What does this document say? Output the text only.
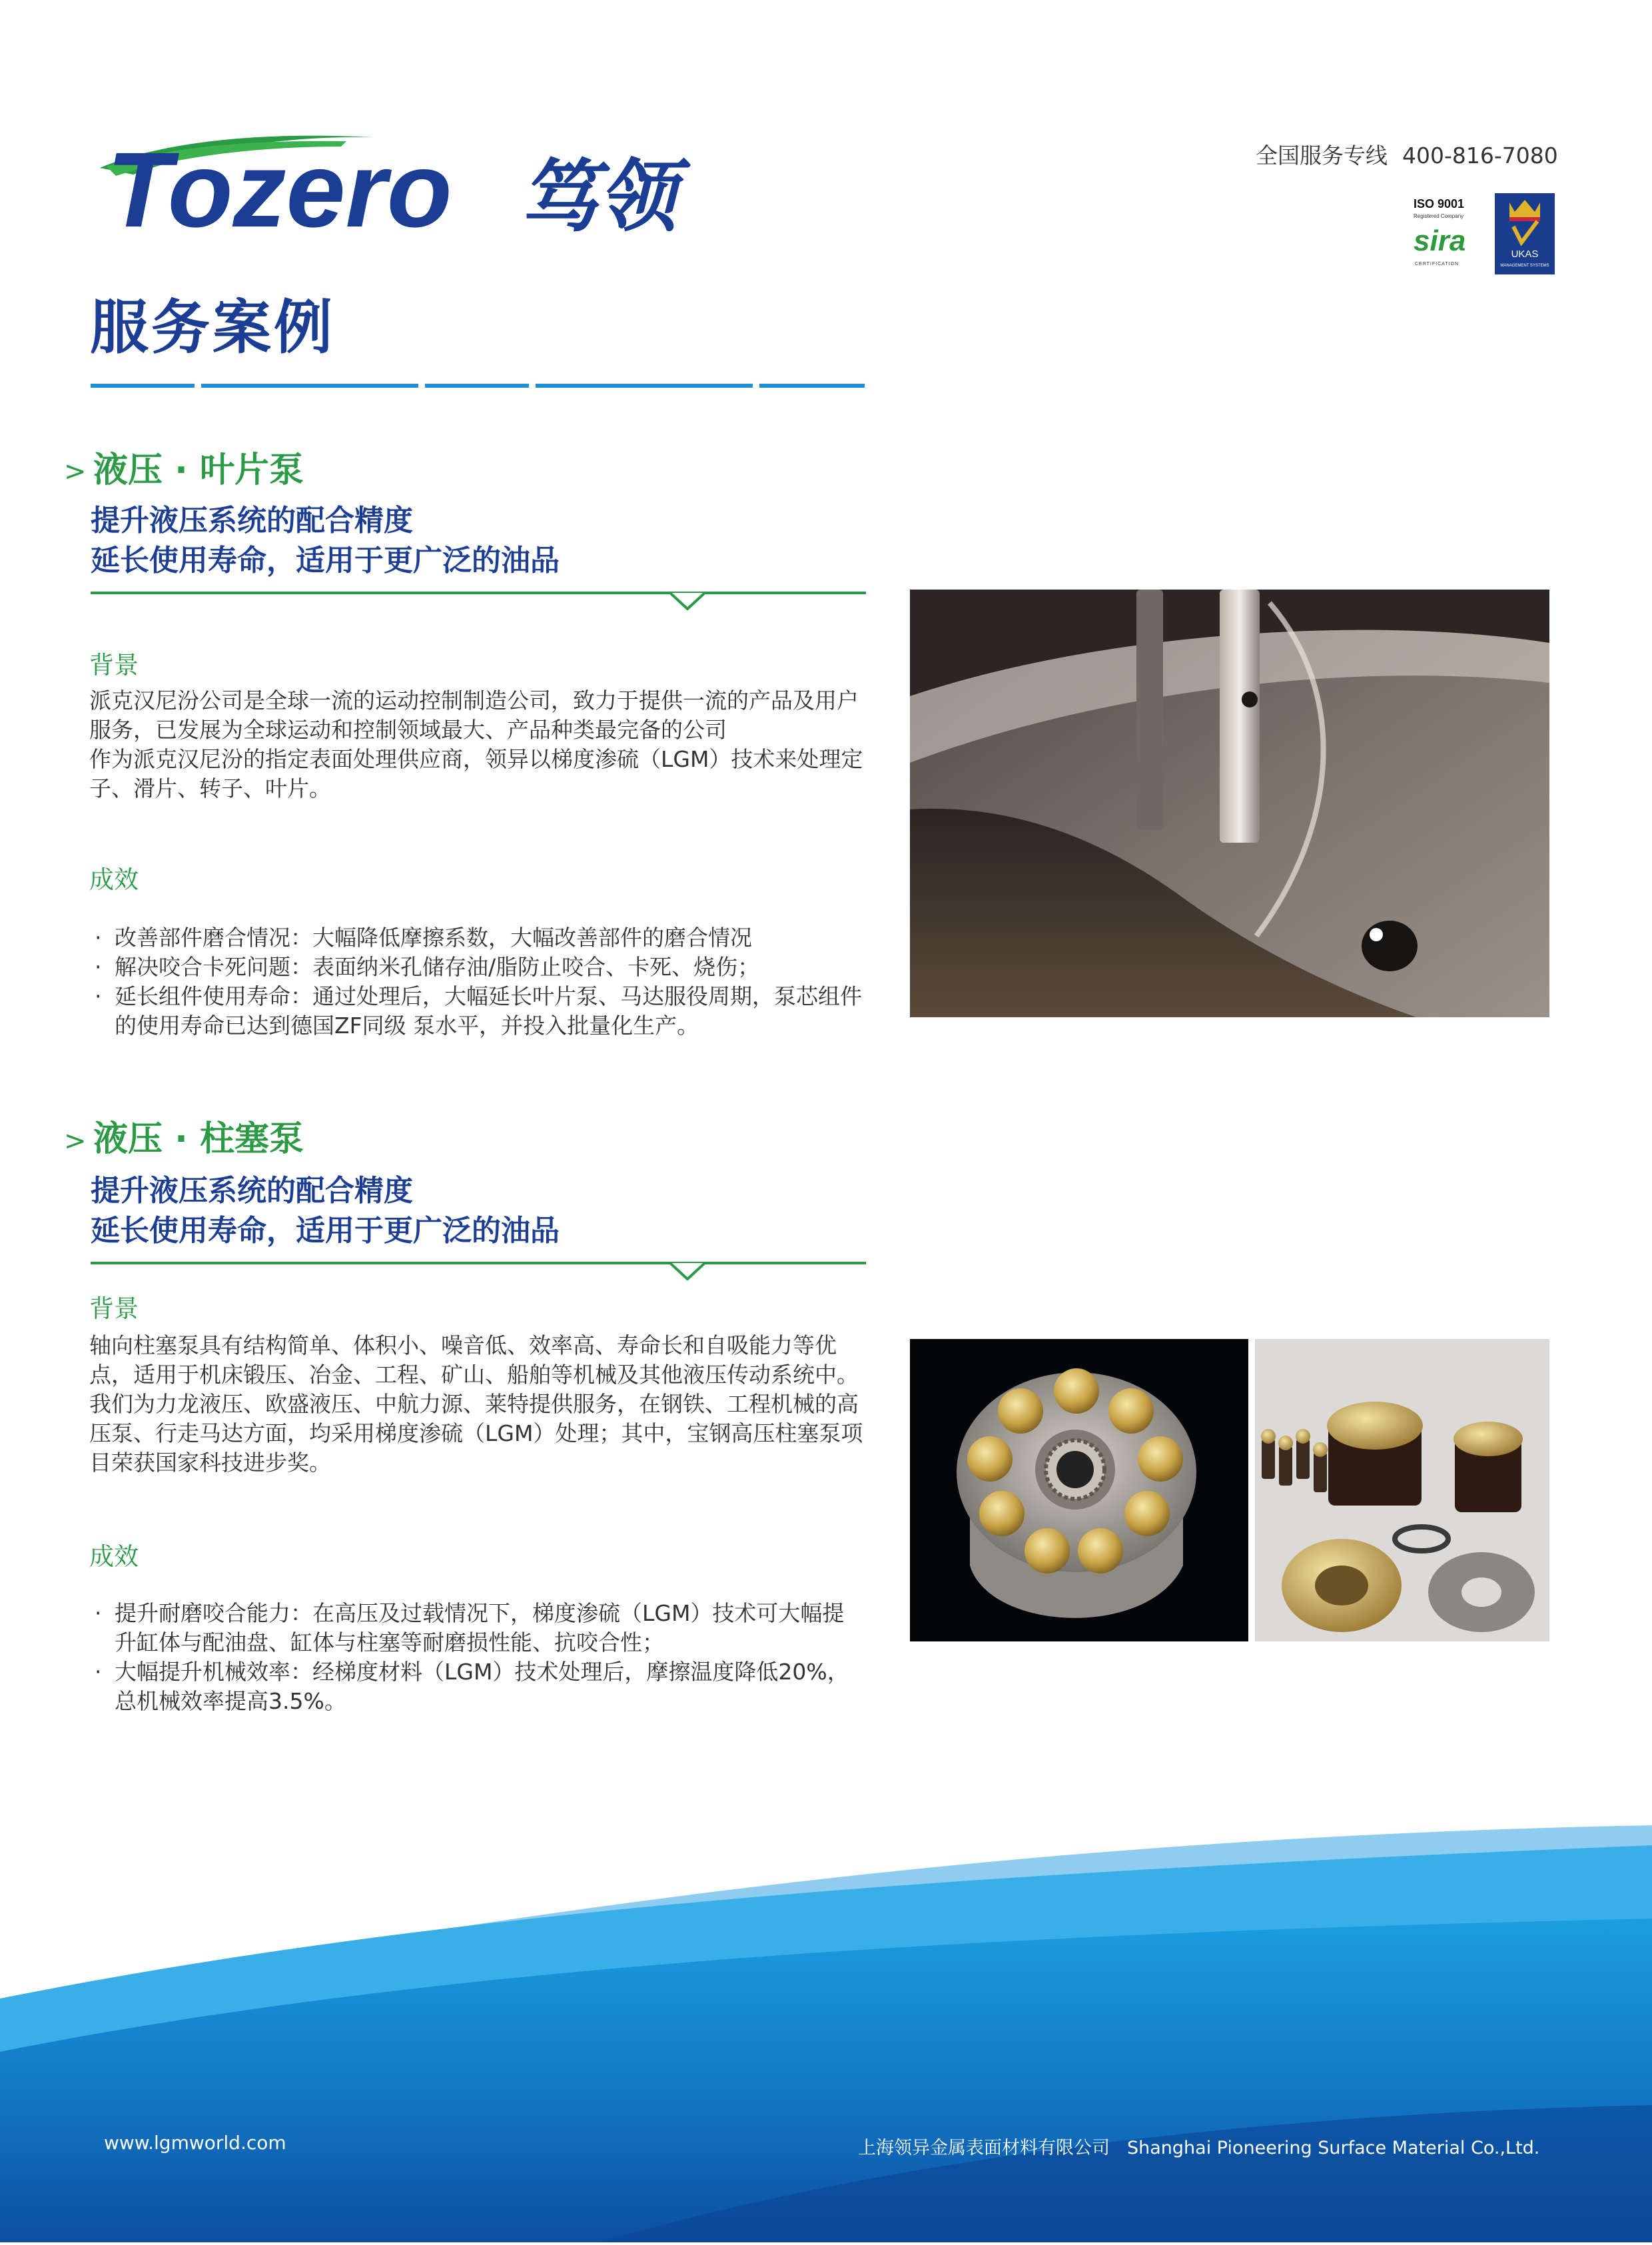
Tozero 笃领	全国服务专线 400-816-7080
ISO 9001
Registered Company
sira
CERTIFICATION
UKAS
MANAGEMENT SYSTEMS
服务案例
> 液压 · 叶片泵
提升液压系统的配合精度
延长使用寿命，适用于更广泛的油品
背景

派克汉尼汾公司是全球一流的运动控制制造公司，致力于提供一流的产品及用户服务，已发展为全球运动和控制领域最大、产品种类最完备的公司

作为派克汉尼汾的指定表面处理供应商，领异以梯度渗硫（LGM）技术来处理定子、滑片、转子、叶片。

成效
· 改善部件磨合情况：大幅降低摩擦系数，大幅改善部件的磨合情况
· 解决咬合卡死问题：表面纳米孔储存油/脂防止咬合、卡死、烧伤；
· 延长组件使用寿命：通过处理后，大幅延长叶片泵、马达服役周期，泵芯组件的使用寿命已达到德国ZF同级 泵水平，并投入批量化生产。
> 液压 · 柱塞泵
提升液压系统的配合精度
延长使用寿命，适用于更广泛的油品
背景

轴向柱塞泵具有结构简单、体积小、噪音低、效率高、寿命长和自吸能力等优点，适用于机床锻压、冶金、工程、矿山、船舶等机械及其他液压传动系统中。

我们为力龙液压、欧盛液压、中航力源、莱特提供服务，在钢铁、工程机械的高压泵、行走马达方面，均采用梯度渗硫（LGM）处理；其中，宝钢高压柱塞泵项目荣获国家科技进步奖。

成效
· 提升耐磨咬合能力：在高压及过载情况下，梯度渗硫（LGM）技术可大幅提升缸体与配油盘、缸体与柱塞等耐磨损性能、抗咬合性；
· 大幅提升机械效率：经梯度材料（LGM）技术处理后，摩擦温度降低20%，总机械效率提高3.5%。
www.lgmworld.com	上海领异金属表面材料有限公司 Shanghai Pioneering Surface Material Co.,Ltd.
